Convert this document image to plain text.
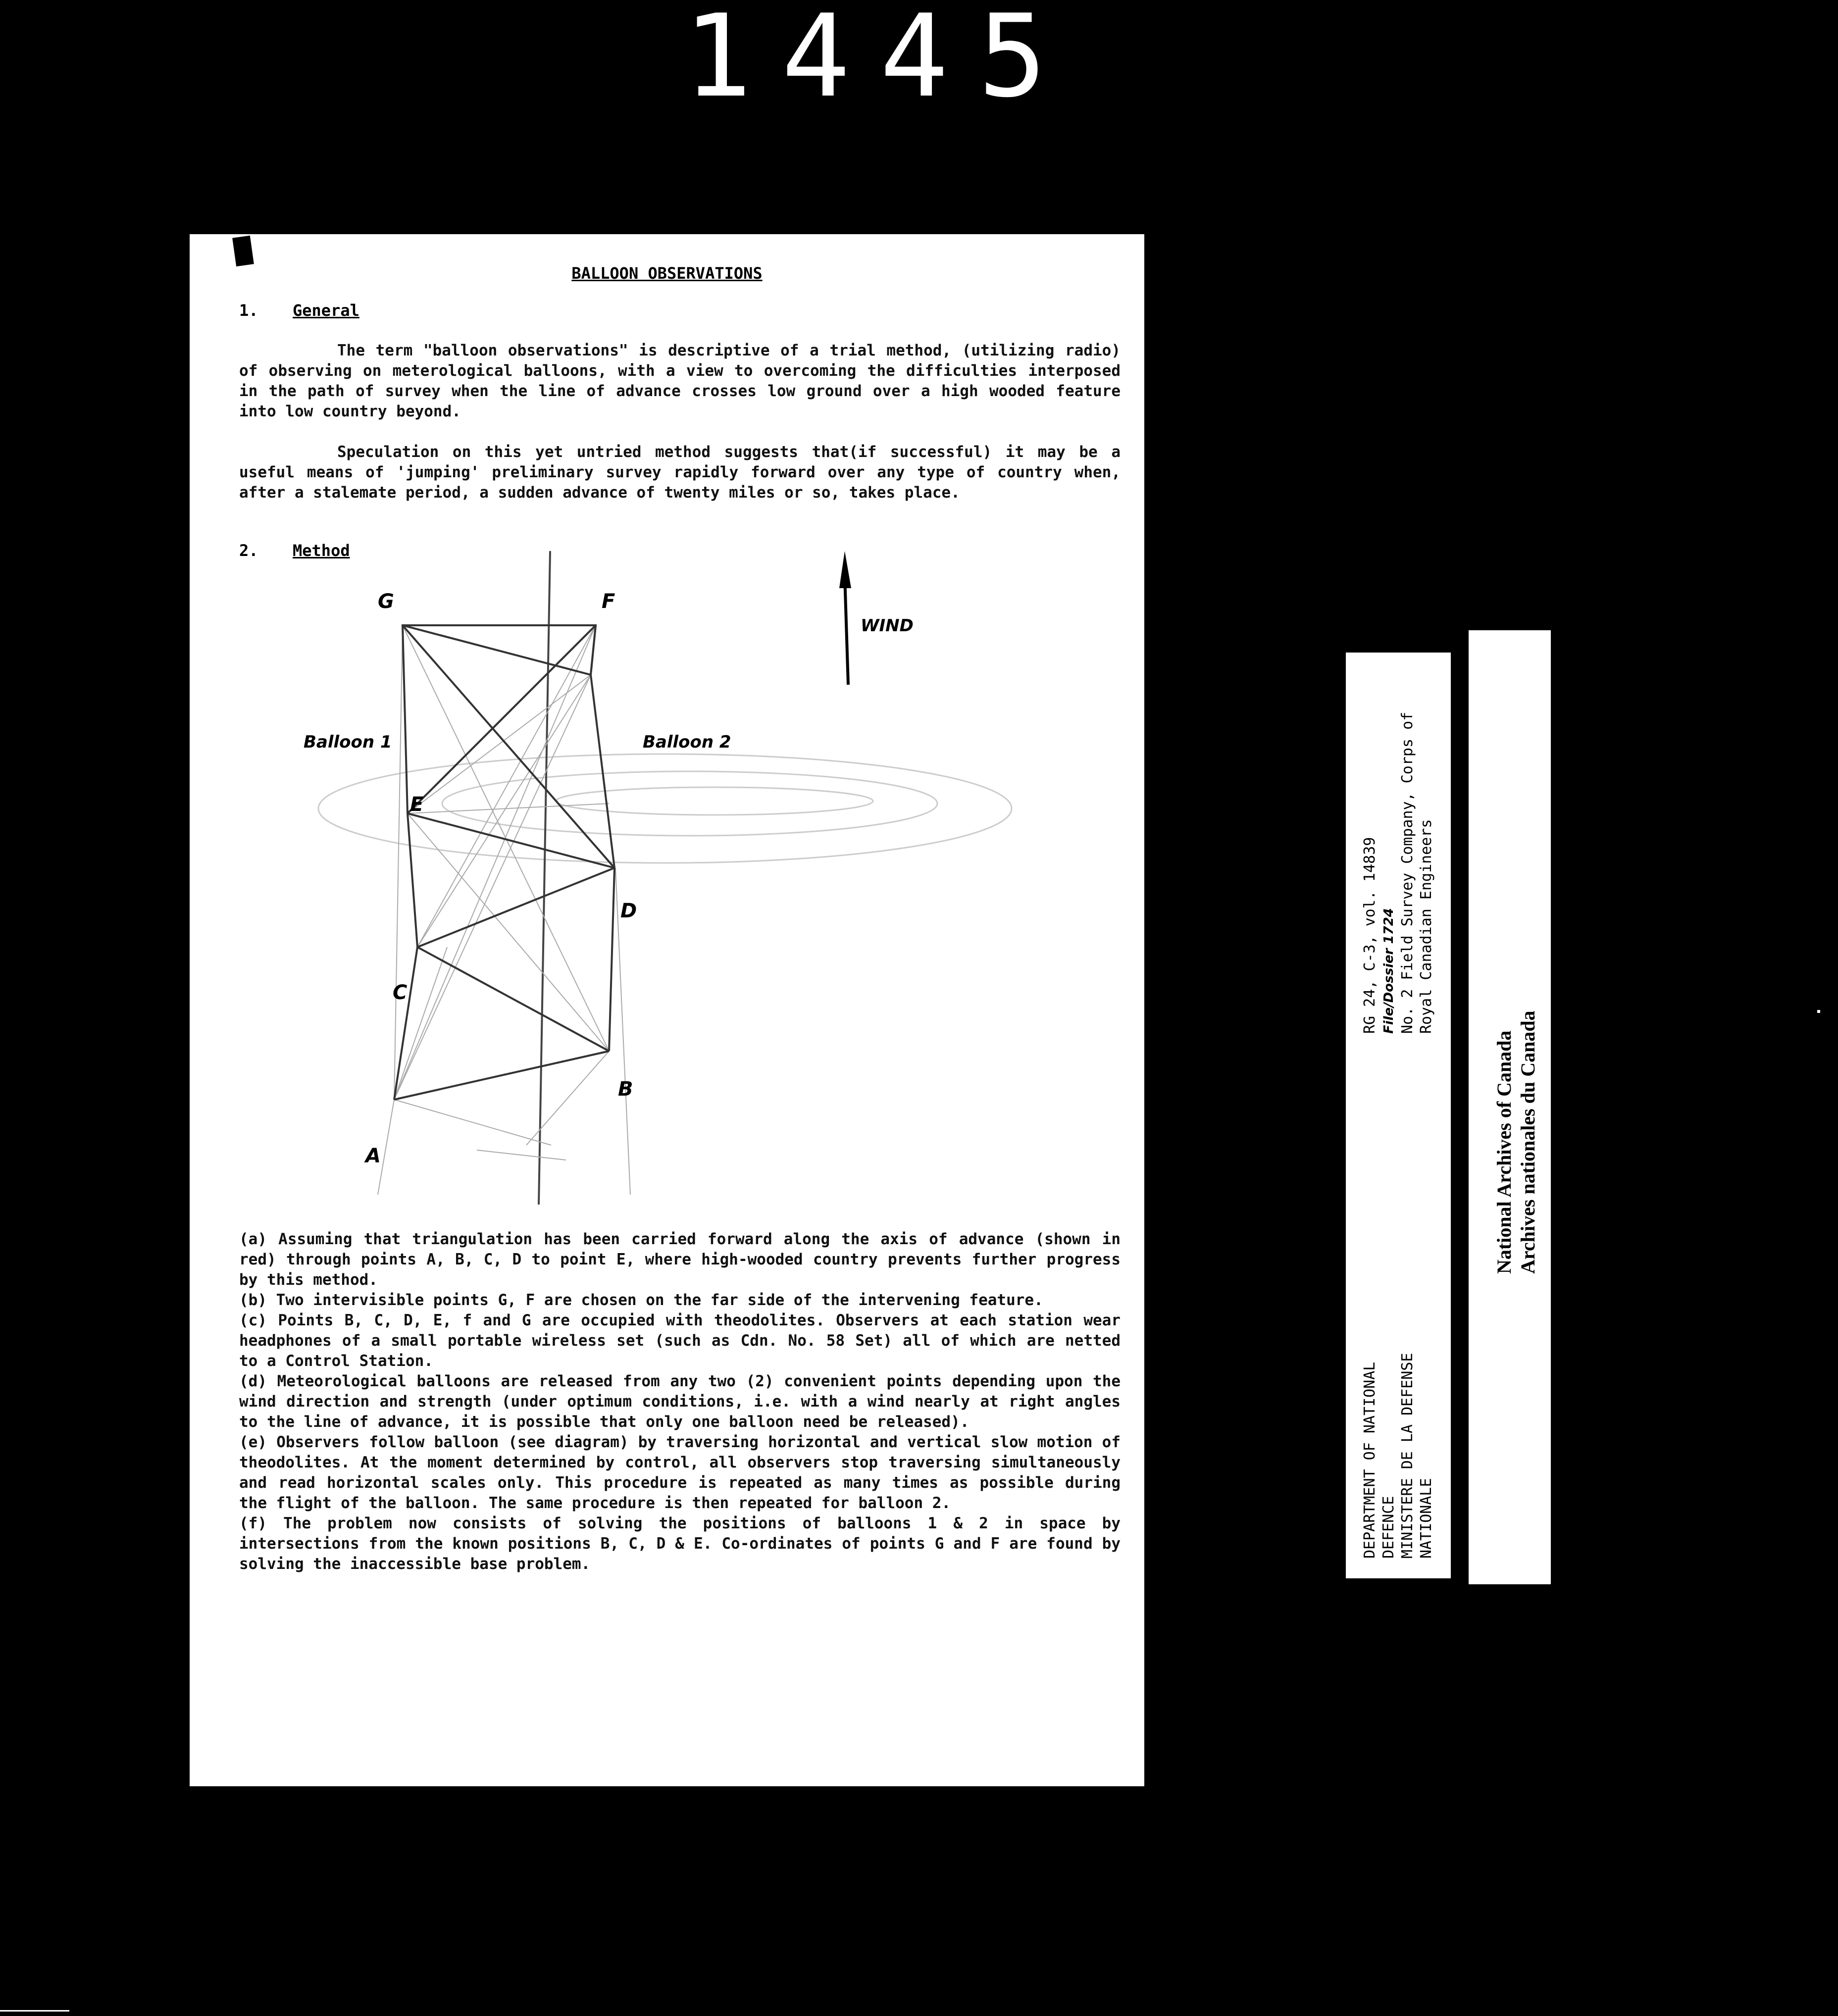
1445
BALLOON OBSERVATIONS
1. General

The term "balloon observations" is descriptive of a trial method, (utilizing radio) of observing on meterological balloons, with a view to overcoming the difficulties interposed in the path of survey when the line of advance crosses low ground over a high wooded feature into low country beyond.

Speculation on this yet untried method suggests that(if successful) it may be a useful means of 'jumping' preliminary survey rapidly forward over any type of country when, after a stalemate period, a sudden advance of twenty miles or so, takes place.

2. Method
G	F
WIND
Balloon 1	Balloon 2
E
D
C
B
A

(a) Assuming that triangulation has been carried forward along the axis of advance (shown in red) through points A, B, C, D to point E, where high-wooded country prevents further progress by this method.

(b) Two intervisible points G, F are chosen on the far side of the intervening feature.

(c) Points B, C, D, E, f and G are occupied with theodolites. Observers at each station wear headphones of a small portable wireless set (such as Cdn. No. 58 Set) all of which are netted to a Control Station.

(d) Meteorological balloons are released from any two (2) convenient points depending upon the wind direction and strength (under optimum conditions, i.e. with a wind nearly at right angles to the line of advance, it is possible that only one balloon need be released).

(e) Observers follow balloon (see diagram) by traversing horizontal and vertical slow motion of theodolites. At the moment determined by control, all observers stop traversing simultaneously and read horizontal scales only. This procedure is repeated as many times as possible during the flight of the balloon. The same procedure is then repeated for balloon 2.

(f) The problem now consists of solving the positions of balloons 1 & 2 in space by intersections from the known positions B, C, D & E. Co-ordinates of points G and F are found by solving the inaccessible base problem.

DEPARTMENT OF NATIONAL DEFENCE MINISTERE DE LA DEFENSE NATIONALE
RG 24, C-3, vol. 14839 File/Dossier 1724 No. 2 Field Survey Company, Corps of Royal Canadian Engineers
National Archives of Canada Archives nationales du Canada
